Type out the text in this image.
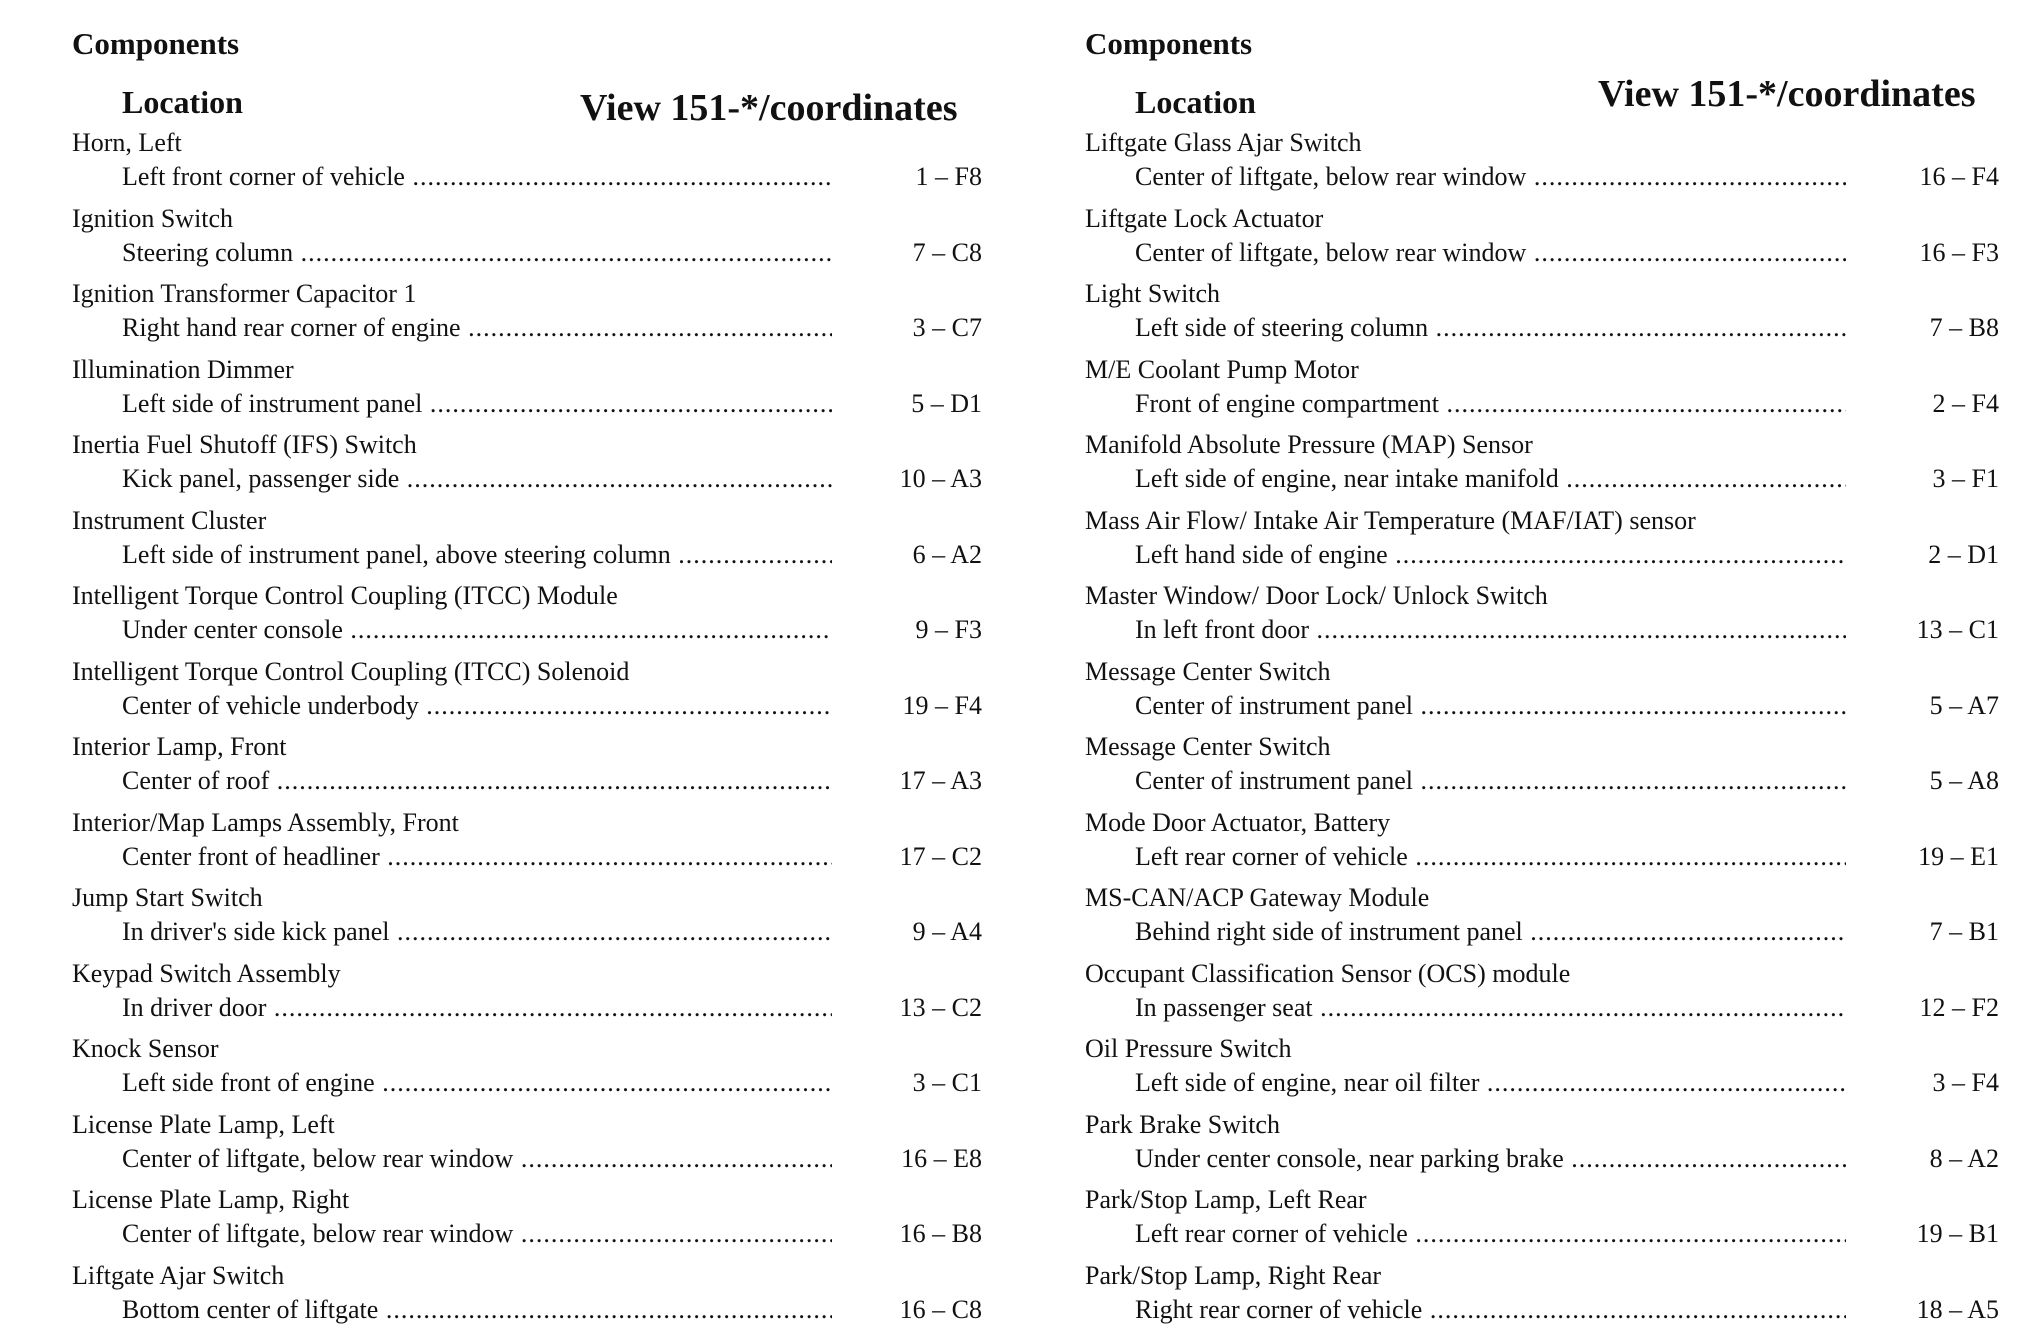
Components
Location	View 151-*/coordinates
Horn, Left
Left front corner of vehicle .....	1 – F8
Ignition Switch
Steering column .....	7 – C8
Ignition Transformer Capacitor 1
Right hand rear corner of engine .....	3 – C7
Illumination Dimmer
Left side of instrument panel .....	5 – D1
Inertia Fuel Shutoff (IFS) Switch
Kick panel, passenger side .....	10 – A3
Instrument Cluster
Left side of instrument panel, above steering column .....	6 – A2
Intelligent Torque Control Coupling (ITCC) Module
Under center console .....	9 – F3
Intelligent Torque Control Coupling (ITCC) Solenoid
Center of vehicle underbody .....	19 – F4
Interior Lamp, Front
Center of roof .....	17 – A3
Interior/Map Lamps Assembly, Front
Center front of headliner .....	17 – C2
Jump Start Switch
In driver's side kick panel .....	9 – A4
Keypad Switch Assembly
In driver door .....	13 – C2
Knock Sensor
Left side front of engine .....	3 – C1
License Plate Lamp, Left
Center of liftgate, below rear window .....	16 – E8
License Plate Lamp, Right
Center of liftgate, below rear window .....	16 – B8
Liftgate Ajar Switch
Bottom center of liftgate .....	16 – C8
Components
Location	View 151-*/coordinates
Liftgate Glass Ajar Switch
Center of liftgate, below rear window .....	16 – F4
Liftgate Lock Actuator
Center of liftgate, below rear window .....	16 – F3
Light Switch
Left side of steering column .....	7 – B8
M/E Coolant Pump Motor
Front of engine compartment .....	2 – F4
Manifold Absolute Pressure (MAP) Sensor
Left side of engine, near intake manifold .....	3 – F1
Mass Air Flow/ Intake Air Temperature (MAF/IAT) sensor
Left hand side of engine .....	2 – D1
Master Window/ Door Lock/ Unlock Switch
In left front door .....	13 – C1
Message Center Switch
Center of instrument panel .....	5 – A7
Message Center Switch
Center of instrument panel .....	5 – A8
Mode Door Actuator, Battery
Left rear corner of vehicle .....	19 – E1
MS-CAN/ACP Gateway Module
Behind right side of instrument panel .....	7 – B1
Occupant Classification Sensor (OCS) module
In passenger seat .....	12 – F2
Oil Pressure Switch
Left side of engine, near oil filter .....	3 – F4
Park Brake Switch
Under center console, near parking brake .....	8 – A2
Park/Stop Lamp, Left Rear
Left rear corner of vehicle .....	19 – B1
Park/Stop Lamp, Right Rear
Right rear corner of vehicle .....	18 – A5
